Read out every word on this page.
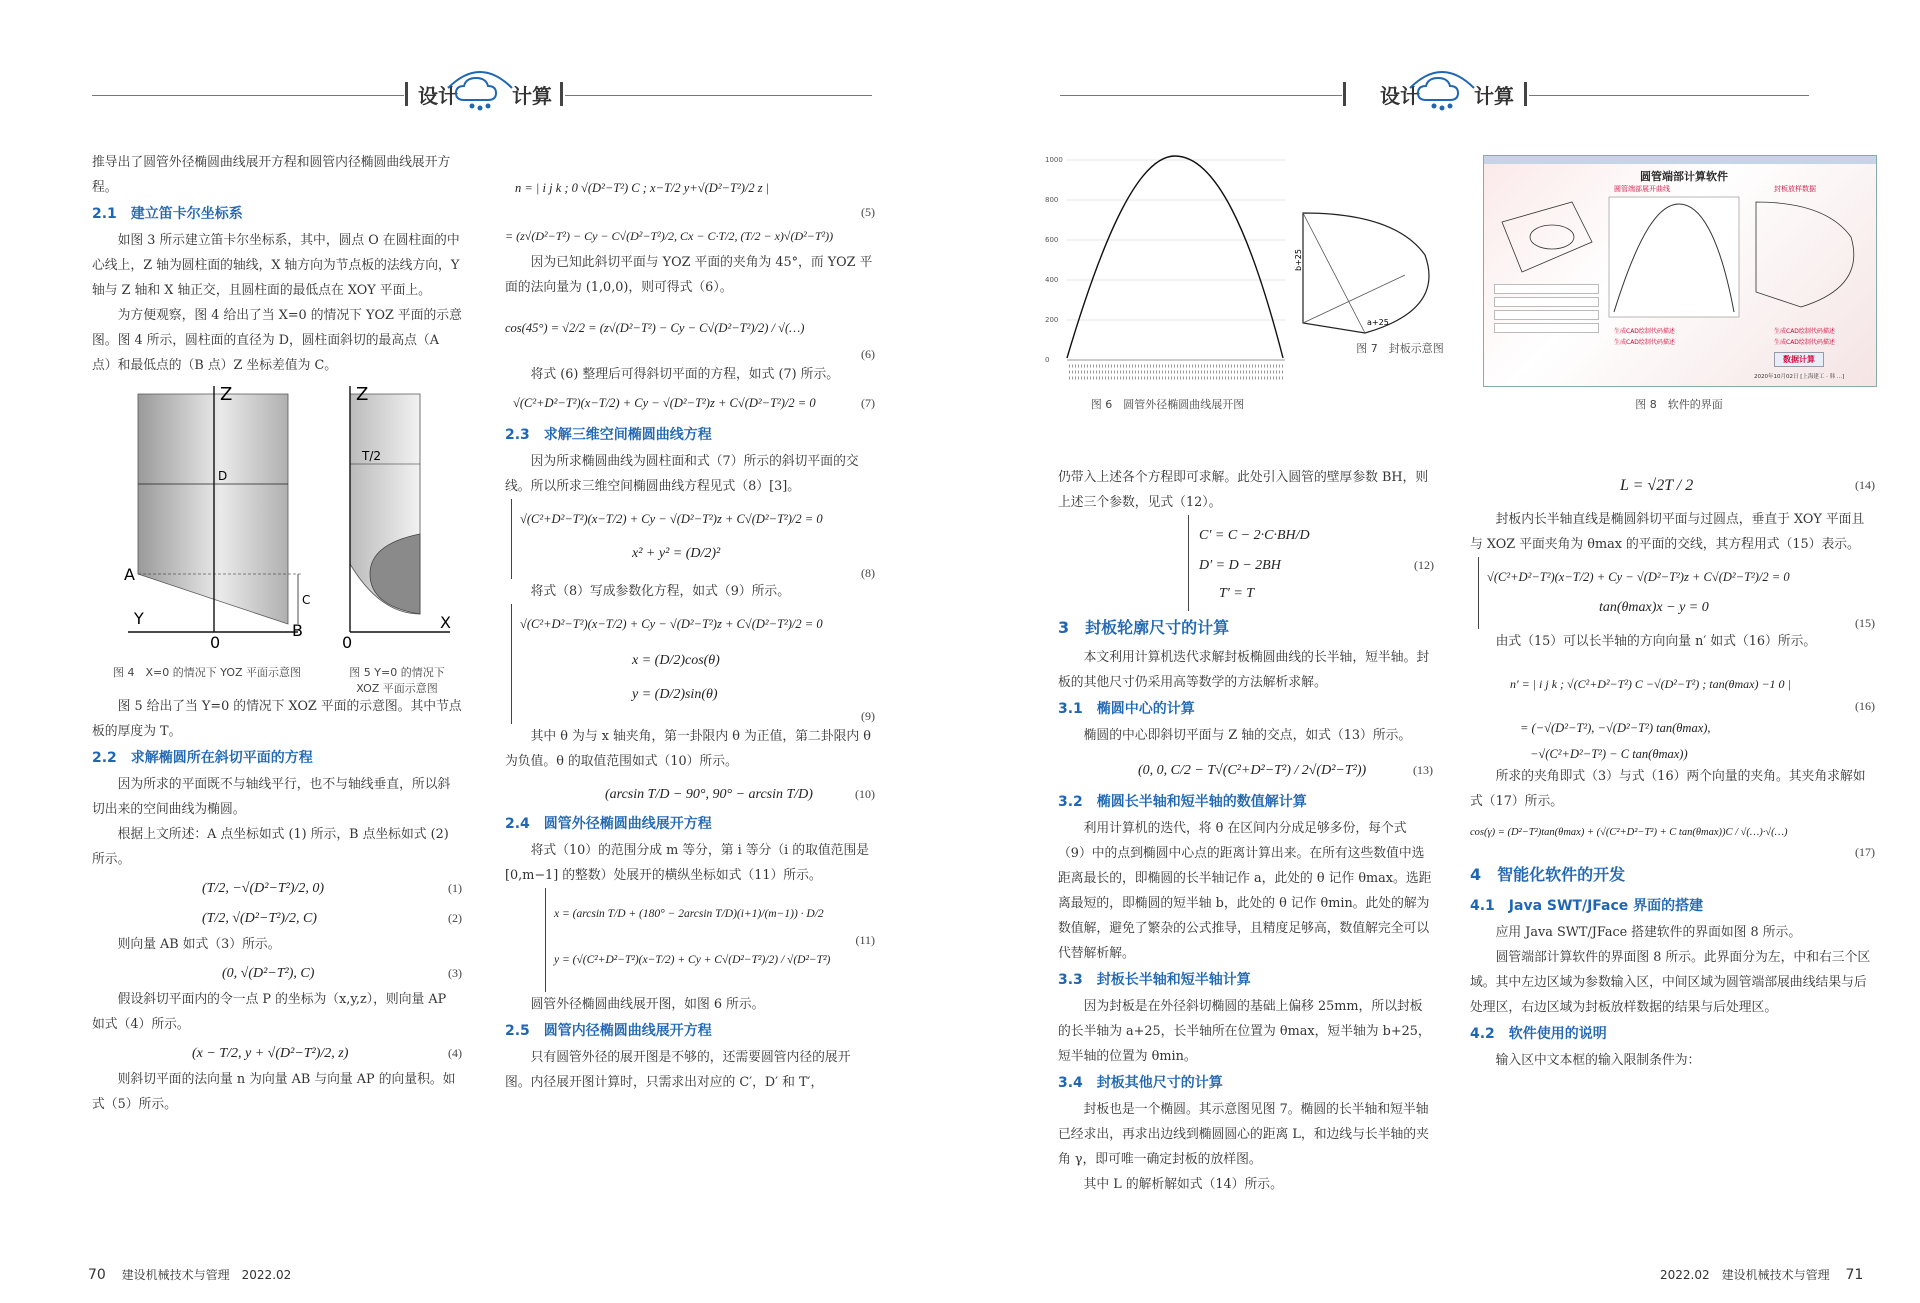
设计	计算

推导出了圆管外径椭圆曲线展开方程和圆管内径椭圆曲线展开方程。

2.1　建立笛卡尔坐标系

如图 3 所示建立笛卡尔坐标系，其中，圆点 O 在圆柱面的中心线上，Z 轴为圆柱面的轴线，X 轴方向为节点板的法线方向，Y 轴与 Z 轴和 X 轴正交，且圆柱面的最低点在 XOY 平面上。

为方便观察，图 4 给出了当 X=0 的情况下 YOZ 平面的示意图。图 4 所示，圆柱面的直径为 D，圆柱面斜切的最高点（A 点）和最低点的（B 点）Z 坐标差值为 C。

Z
D
A
Y
0
B
C
Z
T/2
0
X
图 4　X=0 的情况下 YOZ 平面示意图	图 5 Y=0 的情况下
XOZ 平面示意图

图 5 给出了当 Y=0 的情况下 XOZ 平面的示意图。其中节点板的厚度为 T。

2.2　求解椭圆所在斜切平面的方程

因为所求的平面既不与轴线平行，也不与轴线垂直，所以斜切出来的空间曲线为椭圆。

根据上文所述：A 点坐标如式 (1) 所示，B 点坐标如式 (2) 所示。

(T/2, −√(D²−T²)/2, 0)	(1)
(T/2, √(D²−T²)/2, C)	(2)

则向量 AB 如式（3）所示。

(0, √(D²−T²), C)	(3)

假设斜切平面内的令一点 P 的坐标为（x,y,z），则向量 AP 如式（4）所示。

(x − T/2, y + √(D²−T²)/2, z)	(4)

则斜切平面的法向量 n 为向量 AB 与向量 AP 的向量积。如式（5）所示。

n = | i j k ; 0 √(D²−T²) C ; x−T/2 y+√(D²−T²)/2 z |
(5)
= (z√(D²−T²) − Cy − C√(D²−T²)/2, Cx − C·T/2, (T/2 − x)√(D²−T²))

因为已知此斜切平面与 YOZ 平面的夹角为 45°，而 YOZ 平面的法向量为 (1,0,0)，则可得式（6）。

cos(45°) = √2/2 = (z√(D²−T²) − Cy − C√(D²−T²)/2) / √(…)
(6)

将式 (6) 整理后可得斜切平面的方程，如式 (7) 所示。

√(C²+D²−T²)(x−T/2) + Cy − √(D²−T²)z + C√(D²−T²)/2 = 0	(7)

2.3　求解三维空间椭圆曲线方程

因为所求椭圆曲线为圆柱面和式（7）所示的斜切平面的交线。所以所求三维空间椭圆曲线方程见式（8）[3]。

√(C²+D²−T²)(x−T/2) + Cy − √(D²−T²)z + C√(D²−T²)/2 = 0
x² + y² = (D/2)²
(8)

将式（8）写成参数化方程，如式（9）所示。

√(C²+D²−T²)(x−T/2) + Cy − √(D²−T²)z + C√(D²−T²)/2 = 0
x = (D/2)cos(θ)
y = (D/2)sin(θ)
(9)

其中 θ 为与 x 轴夹角，第一卦限内 θ 为正值，第二卦限内 θ 为负值。θ 的取值范围如式（10）所示。

(arcsin T/D − 90°, 90° − arcsin T/D)	(10)

2.4　圆管外径椭圆曲线展开方程

将式（10）的范围分成 m 等分，第 i 等分（i 的取值范围是 [0,m−1] 的整数）处展开的横纵坐标如式（11）所示。

x = (arcsin T/D + (180° − 2arcsin T/D)(i+1)/(m−1)) · D/2
y = (√(C²+D²−T²)(x−T/2) + Cy + C√(D²−T²)/2) / √(D²−T²)
(11)

圆管外径椭圆曲线展开图，如图 6 所示。

2.5　圆管内径椭圆曲线展开方程

只有圆管外径的展开图是不够的，还需要圆管内径的展开图。内径展开图计算时，只需求出对应的 C′，D′ 和 T′，

70 建设机械技术与管理　2022.02
设计	计算
1000
800
600
400
200
0
图 6　圆管外径椭圆曲线展开图
b+25
a+25
图 7　封板示意图
圆管端部计算软件
圆管端部展开曲线	封板放样数据
生成CAD绘制代码描述
生成CAD绘制代码描述
生成CAD绘制代码描述
生成CAD绘制代码描述
数据计算
2020年10月02日 [上海建工 · 韩 ...]
图 8　软件的界面

仍带入上述各个方程即可求解。此处引入圆管的壁厚参数 BH，则上述三个参数，见式（12）。

C′ = C − 2·C·BH/D
D′ = D − 2BH
T′ = T
(12)

3　封板轮廓尺寸的计算

本文利用计算机迭代求解封板椭圆曲线的长半轴，短半轴。封板的其他尺寸仍采用高等数学的方法解析求解。

3.1　椭圆中心的计算

椭圆的中心即斜切平面与 Z 轴的交点，如式（13）所示。

(0, 0, C/2 − T√(C²+D²−T²) / 2√(D²−T²))	(13)

3.2　椭圆长半轴和短半轴的数值解计算

利用计算机的迭代，将 θ 在区间内分成足够多份，每个式（9）中的点到椭圆中心点的距离计算出来。在所有这些数值中选距离最长的，即椭圆的长半轴记作 a，此处的 θ 记作 θmax。选距离最短的，即椭圆的短半轴 b，此处的 θ 记作 θmin。此处的解为数值解，避免了繁杂的公式推导，且精度足够高，数值解完全可以代替解析解。

3.3　封板长半轴和短半轴计算

因为封板是在外径斜切椭圆的基础上偏移 25mm，所以封板的长半轴为 a+25，长半轴所在位置为 θmax，短半轴为 b+25，短半轴的位置为 θmin。

3.4　封板其他尺寸的计算

封板也是一个椭圆。其示意图见图 7。椭圆的长半轴和短半轴已经求出，再求出边线到椭圆圆心的距离 L，和边线与长半轴的夹角 γ，即可唯一确定封板的放样图。

其中 L 的解析解如式（14）所示。

L = √2T / 2	(14)

封板内长半轴直线是椭圆斜切平面与过圆点，垂直于 XOY 平面且与 XOZ 平面夹角为 θmax 的平面的交线，其方程用式（15）表示。

√(C²+D²−T²)(x−T/2) + Cy − √(D²−T²)z + C√(D²−T²)/2 = 0
tan(θmax)x − y = 0
(15)

由式（15）可以长半轴的方向向量 n′ 如式（16）所示。

n′ = | i j k ; √(C²+D²−T²) C −√(D²−T²) ; tan(θmax) −1 0 |
(16)
= (−√(D²−T²), −√(D²−T²) tan(θmax),
−√(C²+D²−T²) − C tan(θmax))

所求的夹角即式（3）与式（16）两个向量的夹角。其夹角求解如式（17）所示。

cos(γ) = (D²−T²)tan(θmax) + (√(C²+D²−T²) + C tan(θmax))C / √(…)·√(…)
(17)

4　智能化软件的开发

4.1　Java SWT/JFace 界面的搭建

应用 Java SWT/JFace 搭建软件的界面如图 8 所示。

圆管端部计算软件的界面图 8 所示。此界面分为左，中和右三个区域。其中左边区域为参数输入区，中间区域为圆管端部展曲线结果与后处理区，右边区域为封板放样数据的结果与后处理区。

4.2　软件使用的说明

输入区中文本框的输入限制条件为：

2022.02　建设机械技术与管理 71
